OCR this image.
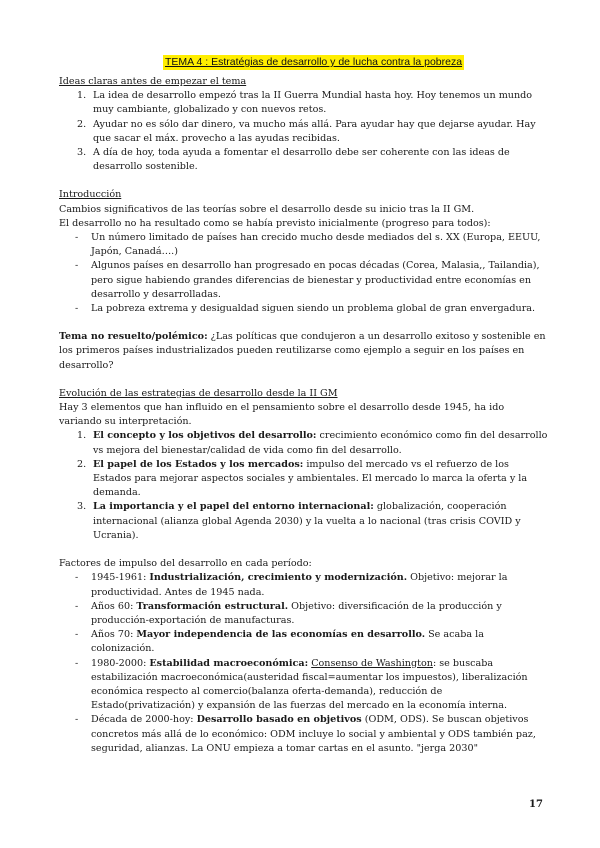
TEMA 4 : Estratégias de desarrollo y de lucha contra la pobreza

Ideas claras antes de empezar el tema

1. La idea de desarrollo empezó tras la II Guerra Mundial hasta hoy. Hoy tenemos un mundo muy cambiante, globalizado y con nuevos retos.
2. Ayudar no es sólo dar dinero, va mucho más allá. Para ayudar hay que dejarse ayudar. Hay que sacar el máx. provecho a las ayudas recibidas.
3. A día de hoy, toda ayuda a fomentar el desarrollo debe ser coherente con las ideas de desarrollo sostenible.

Introducción

Cambios significativos de las teorías sobre el desarrollo desde su inicio tras la II GM.

El desarrollo no ha resultado como se había previsto inicialmente (progreso para todos):

- Un número limitado de países han crecido mucho desde mediados del s. XX (Europa, EEUU, Japón, Canadá….)
- Algunos países en desarrollo han progresado en pocas décadas (Corea, Malasia,, Tailandia), pero sigue habiendo grandes diferencias de bienestar y productividad entre economías en desarrollo y desarrolladas.
- La pobreza extrema y desigualdad siguen siendo un problema global de gran envergadura.

Tema no resuelto/polémico: ¿Las políticas que condujeron a un desarrollo exitoso y sostenible en los primeros países industrializados pueden reutilizarse como ejemplo a seguir en los países en desarrollo?

Evolución de las estrategias de desarrollo desde la II GM

Hay 3 elementos que han influido en el pensamiento sobre el desarrollo desde 1945, ha ido variando su interpretación.

1. El concepto y los objetivos del desarrollo: crecimiento económico como fin del desarrollo vs mejora del bienestar/calidad de vida como fin del desarrollo.
2. El papel de los Estados y los mercados: impulso del mercado vs el refuerzo de los Estados para mejorar aspectos sociales y ambientales. El mercado lo marca la oferta y la demanda.
3. La importancia y el papel del entorno internacional: globalización, cooperación internacional (alianza global Agenda 2030) y la vuelta a lo nacional (tras crisis COVID y Ucrania).

Factores de impulso del desarrollo en cada período:

- 1945-1961: Industrialización, crecimiento y modernización. Objetivo: mejorar la productividad. Antes de 1945 nada.
- Años 60: Transformación estructural. Objetivo: diversificación de la producción y producción-exportación de manufacturas.
- Años 70: Mayor independencia de las economías en desarrollo. Se acaba la colonización.
- 1980-2000: Estabilidad macroeconómica: Consenso de Washington: se buscaba estabilización macroeconómica(austeridad fiscal=aumentar los impuestos), liberalización económica respecto al comercio(balanza oferta-demanda), reducción de Estado(privatización) y expansión de las fuerzas del mercado en la economía interna.
- Década de 2000-hoy: Desarrollo basado en objetivos (ODM, ODS). Se buscan objetivos concretos más allá de lo económico: ODM incluye lo social y ambiental y ODS también paz, seguridad, alianzas. La ONU empieza a tomar cartas en el asunto. "jerga 2030"
17
